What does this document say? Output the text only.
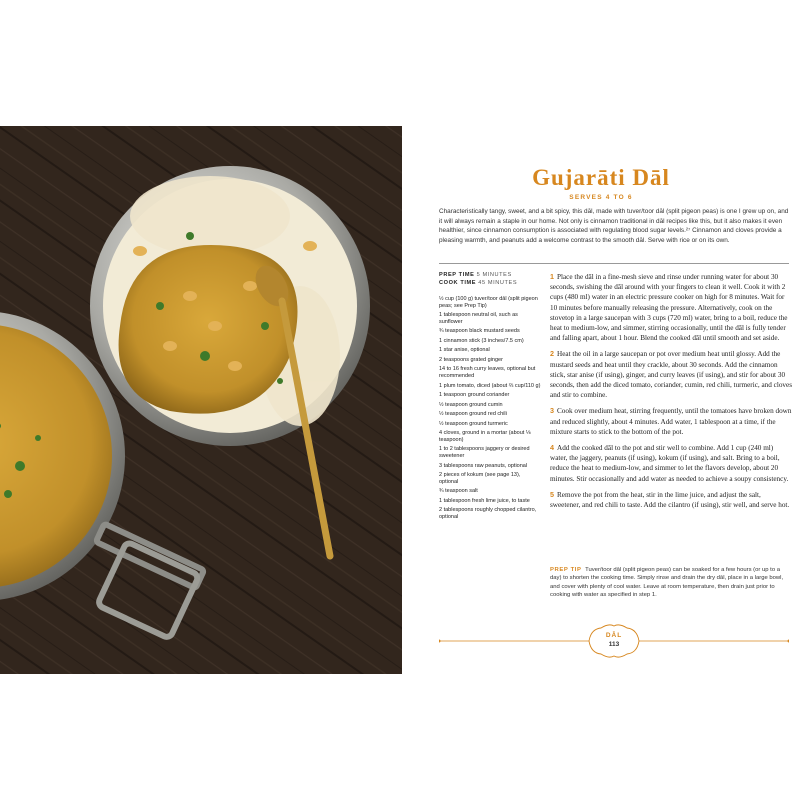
Gujarāti Dāl

SERVES 4 TO 6

Characteristically tangy, sweet, and a bit spicy, this dāl, made with tuver/toor dāl (split pigeon peas) is one I grew up on, and it will always remain a staple in our home. Not only is cinnamon traditional in dāl recipes like this, but it also makes it even healthier, since cinnamon consumption is associated with regulating blood sugar levels.²⁷ Cinnamon and cloves provide a pleasing warmth, and peanuts add a welcome contrast to the smooth dāl. Serve with rice or on its own.

PREP TIME 5 MINUTES
COOK TIME 45 MINUTES
½ cup (100 g) tuver/toor dāl (split pigeon peas; see Prep Tip)
1 tablespoon neutral oil, such as sunflower
¾ teaspoon black mustard seeds
1 cinnamon stick (3 inches/7.5 cm)
1 star anise, optional
2 teaspoons grated ginger
14 to 16 fresh curry leaves, optional but recommended
1 plum tomato, diced (about ⅔ cup/110 g)
1 teaspoon ground coriander
½ teaspoon ground cumin
½ teaspoon ground red chili
½ teaspoon ground turmeric
4 cloves, ground in a mortar (about ⅛ teaspoon)
1 to 2 tablespoons jaggery or desired sweetener
3 tablespoons raw peanuts, optional
2 pieces of kokum (see page 13), optional
¾ teaspoon salt
1 tablespoon fresh lime juice, to taste
2 tablespoons roughly chopped cilantro, optional
1 Place the dāl in a fine-mesh sieve and rinse under running water for about 30 seconds, swishing the dāl around with your fingers to clean it well. Cook it with 2 cups (480 ml) water in an electric pressure cooker on high for 8 minutes. Wait for 10 minutes before manually releasing the pressure. Alternatively, cook on the stovetop in a large saucepan with 3 cups (720 ml) water, bring to a boil, reduce the heat to medium-low, and simmer, stirring occasionally, until the dāl is fully tender and falling apart, about 1 hour. Blend the cooked dāl until smooth and set aside.
2 Heat the oil in a large saucepan or pot over medium heat until glossy. Add the mustard seeds and heat until they crackle, about 30 seconds. Add the cinnamon stick, star anise (if using), ginger, and curry leaves (if using), and stir for about 30 seconds, then add the diced tomato, coriander, cumin, red chili, turmeric, and cloves and stir to combine.
3 Cook over medium heat, stirring frequently, until the tomatoes have broken down and reduced slightly, about 4 minutes. Add water, 1 tablespoon at a time, if the mixture starts to stick to the bottom of the pot.
4 Add the cooked dāl to the pot and stir well to combine. Add 1 cup (240 ml) water, the jaggery, peanuts (if using), kokum (if using), and salt. Bring to a boil, reduce the heat to medium-low, and simmer to let the flavors develop, about 20 minutes. Stir occasionally and add water as needed to achieve a soupy consistency.
5 Remove the pot from the heat, stir in the lime juice, and adjust the salt, sweetener, and red chili to taste. Add the cilantro (if using), stir well, and serve hot.
PREP TIP Tuver/toor dāl (split pigeon peas) can be soaked for a few hours (or up to a day) to shorten the cooking time. Simply rinse and drain the dry dāl, place in a large bowl, and cover with plenty of cool water. Leave at room temperature, then drain just prior to cooking with water as specified in step 1.

DĀL

113
